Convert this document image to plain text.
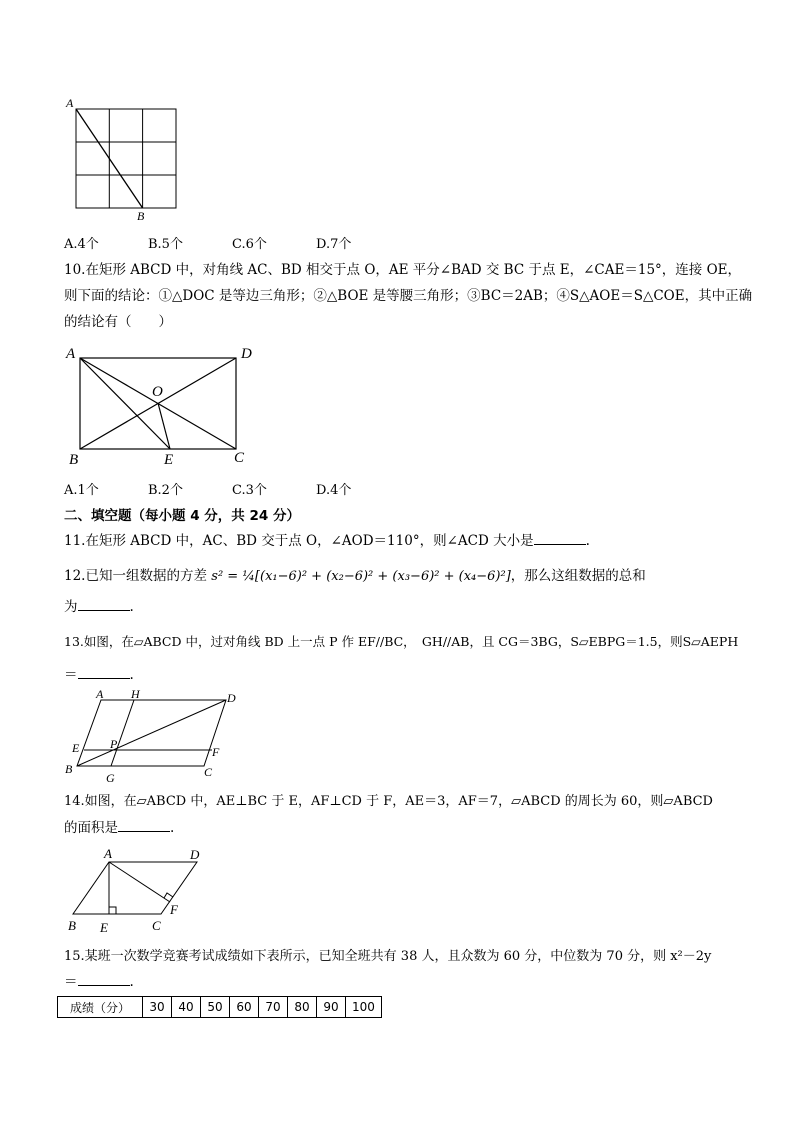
A
B
A.4个	B.5个	C.6个	D.7个
10.在矩形 ABCD 中，对角线 AC、BD 相交于点 O，AE 平分∠BAD 交 BC 于点 E，∠CAE＝15°，连接 OE，
则下面的结论：①△DOC 是等边三角形；②△BOE 是等腰三角形；③BC＝2AB；④S△AOE＝S△COE，其中正确
的结论有（　　）
A	D
B	E	C
O
A.1个	B.2个	C.3个	D.4个
二、填空题（每小题 4 分，共 24 分）
11.在矩形 ABCD 中，AC、BD 交于点 O，∠AOD＝110°，则∠ACD 大小是	.
12.已知一组数据的方差 s² = ¼[(x₁−6)² + (x₂−6)² + (x₃−6)² + (x₄−6)²]，那么这组数据的总和
为	.
13.如图，在▱ABCD 中，过对角线 BD 上一点 P 作 EF//BC，　GH//AB，且 CG＝3BG，S▱EBPG＝1.5，则S▱AEPH
＝	.
A H	D
E	P
F
B
G	C
14.如图，在▱ABCD 中，AE⊥BC 于 E，AF⊥CD 于 F，AE＝3，AF＝7，▱ABCD 的周长为 60，则▱ABCD
的面积是	.
A	D
B E	C
F
15.某班一次数学竞赛考试成绩如下表所示，已知全班共有 38 人，且众数为 60 分，中位数为 70 分，则 x²－2y
＝	.
成绩（分）	30	40	50	60	70	80	90	100
